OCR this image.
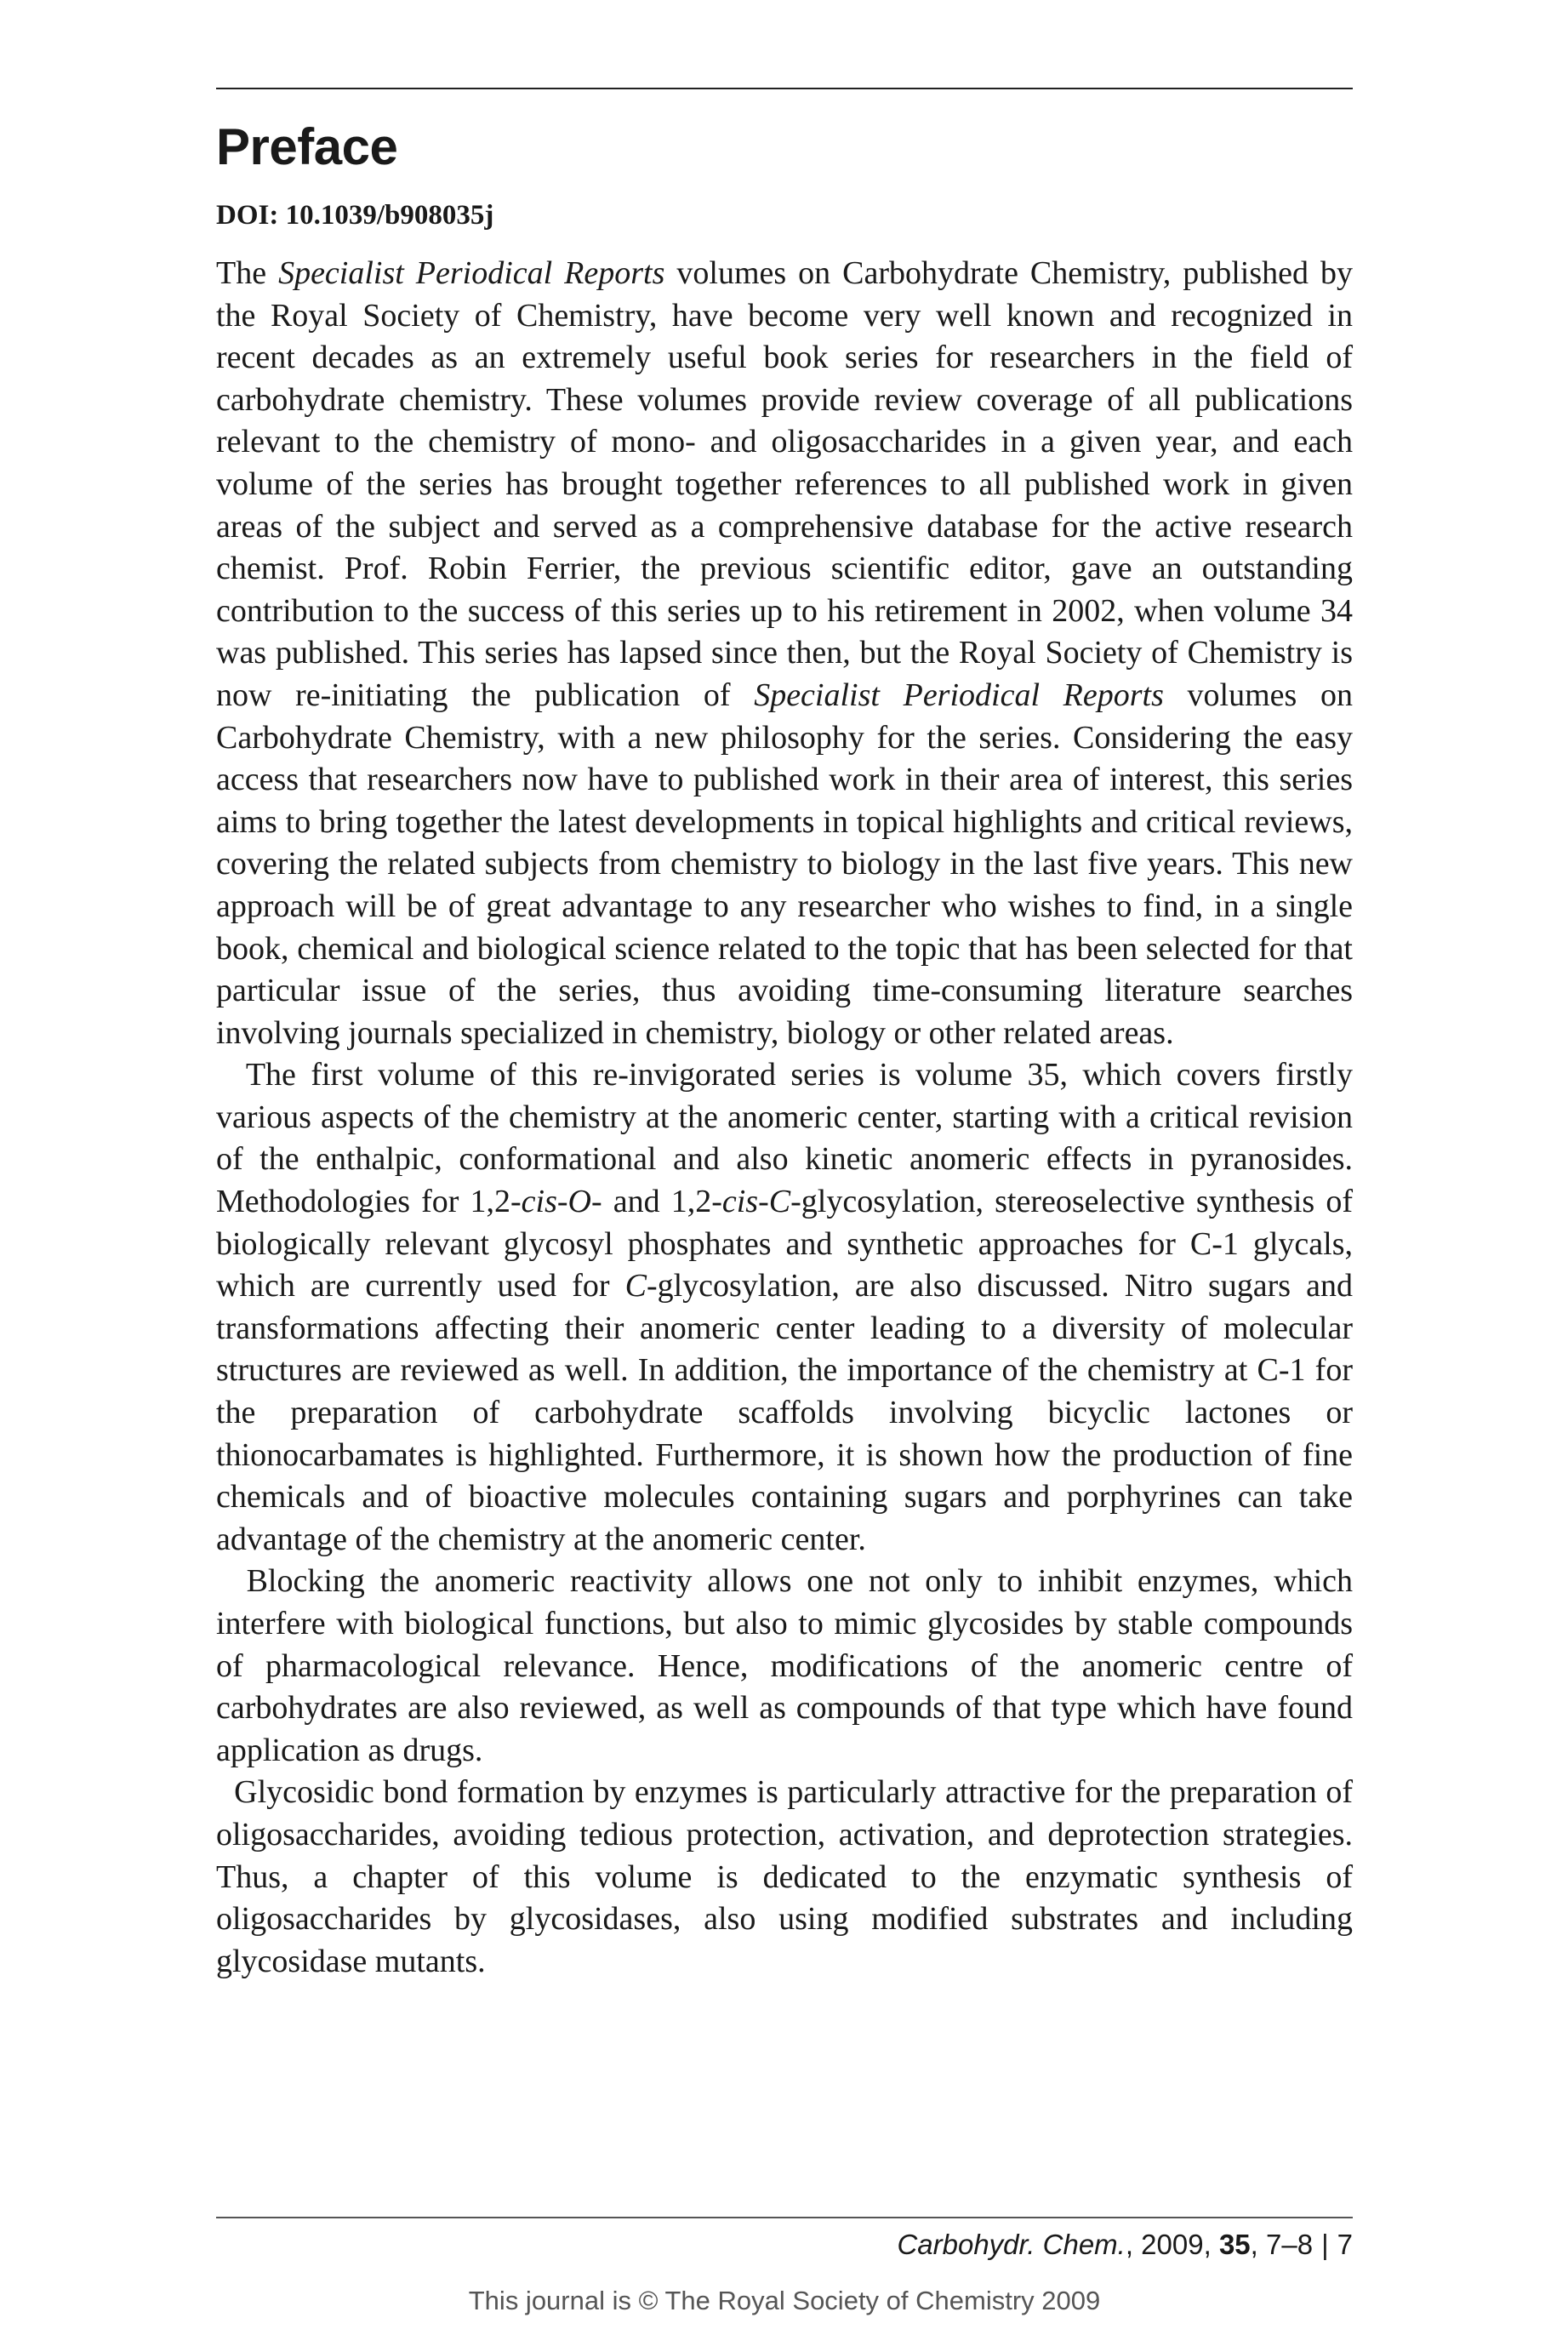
Preface
DOI: 10.1039/b908035j

The Specialist Periodical Reports volumes on Carbohydrate Chemistry, published by the Royal Society of Chemistry, have become very well known and recognized in recent decades as an extremely useful book series for researchers in the field of carbohydrate chemistry. These volumes provide review coverage of all publications relevant to the chemistry of mono- and oligosaccharides in a given year, and each volume of the series has brought together references to all published work in given areas of the subject and served as a comprehensive database for the active research chemist. Prof. Robin Ferrier, the previous scientific editor, gave an outstanding contribution to the success of this series up to his retirement in 2002, when volume 34 was published. This series has lapsed since then, but the Royal Society of Chemistry is now re-initiating the publication of Specialist Periodical Reports volumes on Carbohydrate Chemistry, with a new philosophy for the series. Considering the easy access that researchers now have to published work in their area of interest, this series aims to bring together the latest developments in topical highlights and critical reviews, covering the related subjects from chemistry to biology in the last five years. This new approach will be of great advantage to any researcher who wishes to find, in a single book, chemical and biological science related to the topic that has been selected for that particular issue of the series, thus avoiding time-consuming literature searches involving journals specialized in chemistry, biology or other related areas.

The first volume of this re-invigorated series is volume 35, which covers firstly various aspects of the chemistry at the anomeric center, starting with a critical revision of the enthalpic, conformational and also kinetic anomeric effects in pyranosides. Methodologies for 1,2-cis-O- and 1,2-cis-C-glycosylation, stereoselective synthesis of biologically relevant glycosyl phosphates and synthetic approaches for C-1 glycals, which are currently used for C-glycosylation, are also discussed. Nitro sugars and transformations affecting their anomeric center leading to a diversity of molecular structures are reviewed as well. In addition, the importance of the chemistry at C-1 for the preparation of carbohydrate scaffolds involving bicyclic lactones or thionocarbamates is highlighted. Furthermore, it is shown how the production of fine chemicals and of bioactive molecules containing sugars and porphyrines can take advantage of the chemistry at the anomeric center.

Blocking the anomeric reactivity allows one not only to inhibit enzymes, which interfere with biological functions, but also to mimic glycosides by stable compounds of pharmacological relevance. Hence, modifications of the anomeric centre of carbohydrates are also reviewed, as well as compounds of that type which have found application as drugs.

Glycosidic bond formation by enzymes is particularly attractive for the preparation of oligosaccharides, avoiding tedious protection, activation, and deprotection strategies. Thus, a chapter of this volume is dedicated to the enzymatic synthesis of oligosaccharides by glycosidases, also using modified substrates and including glycosidase mutants.

Carbohydr. Chem., 2009, 35, 7–8 | 7
This journal is © The Royal Society of Chemistry 2009
